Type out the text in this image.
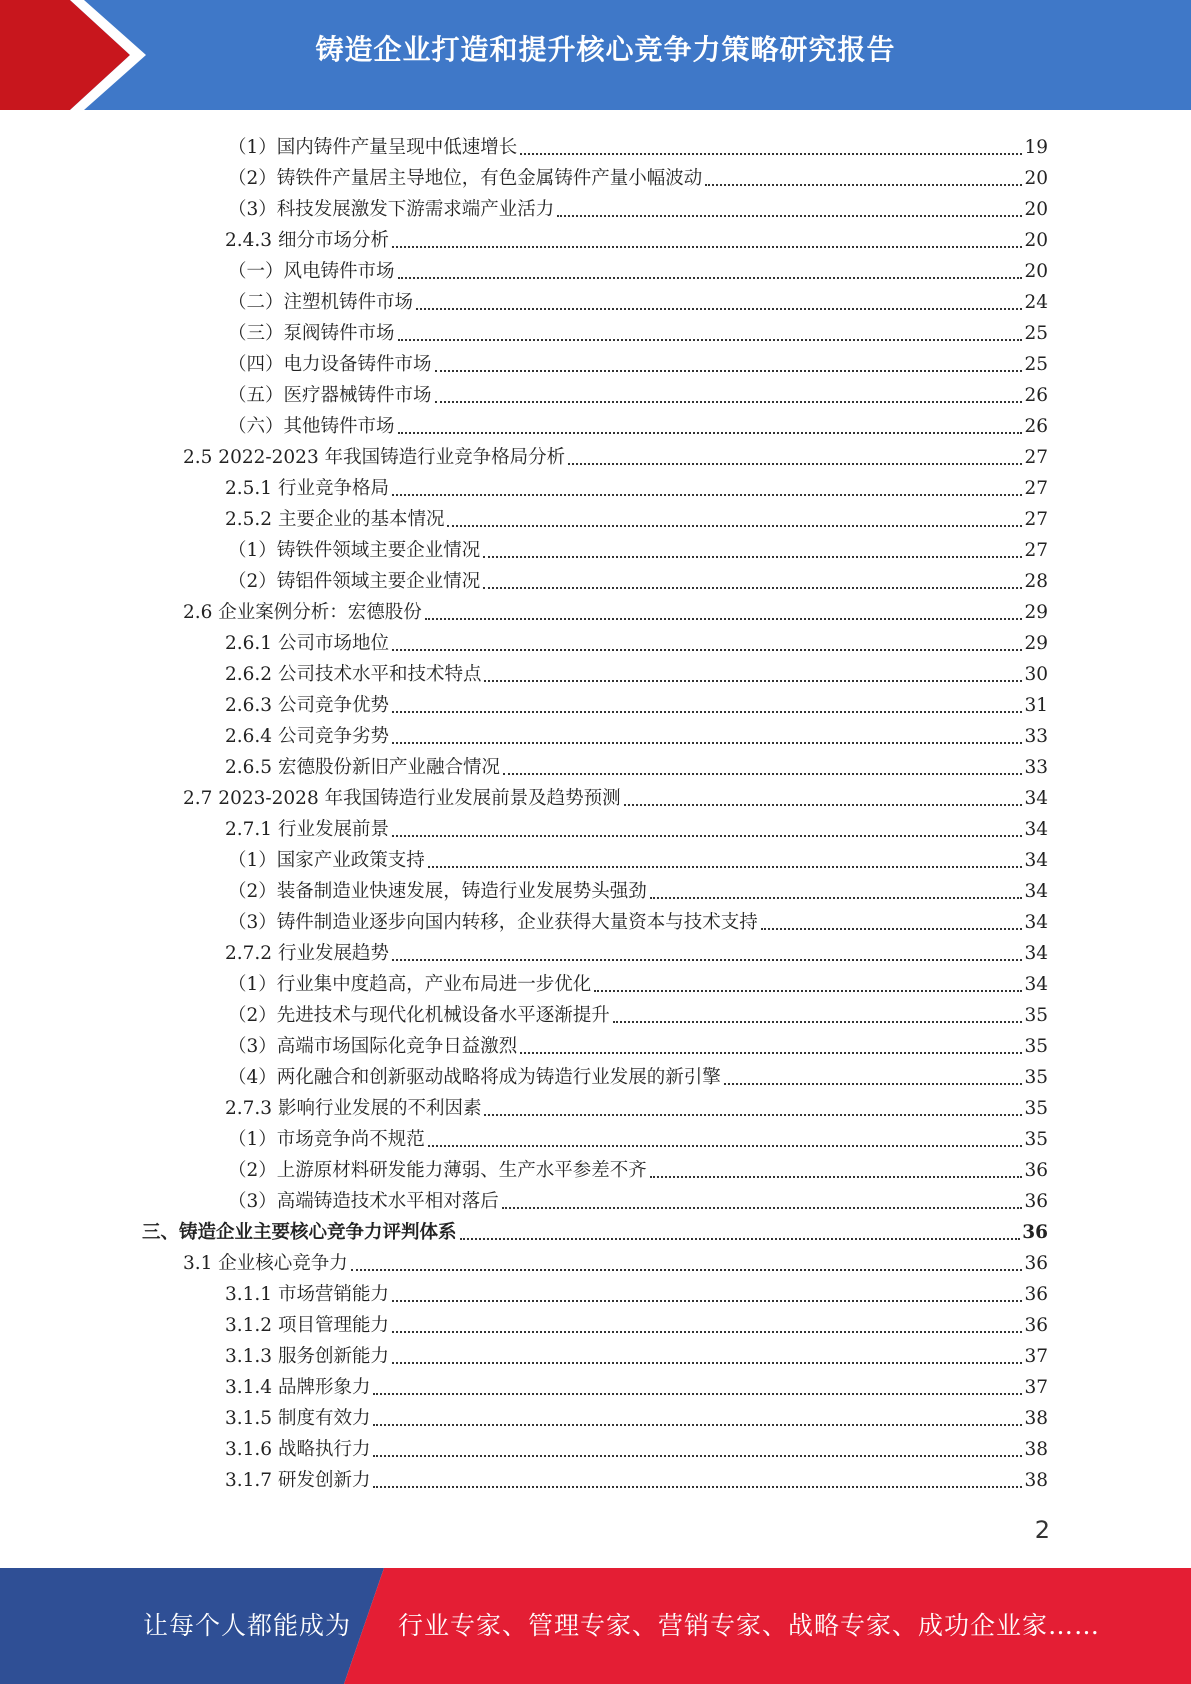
铸造企业打造和提升核心竞争力策略研究报告
（1）国内铸件产量呈现中低速增长	19
（2）铸铁件产量居主导地位，有色金属铸件产量小幅波动	20
（3）科技发展激发下游需求端产业活力	20
2.4.3 细分市场分析	20
（一）风电铸件市场	20
（二）注塑机铸件市场	24
（三）泵阀铸件市场	25
（四）电力设备铸件市场	25
（五）医疗器械铸件市场	26
（六）其他铸件市场	26
2.5 2022-2023 年我国铸造行业竞争格局分析	27
2.5.1 行业竞争格局	27
2.5.2 主要企业的基本情况	27
（1）铸铁件领域主要企业情况	27
（2）铸铝件领域主要企业情况	28
2.6 企业案例分析：宏德股份	29
2.6.1 公司市场地位	29
2.6.2 公司技术水平和技术特点	30
2.6.3 公司竞争优势	31
2.6.4 公司竞争劣势	33
2.6.5 宏德股份新旧产业融合情况	33
2.7 2023-2028 年我国铸造行业发展前景及趋势预测	34
2.7.1 行业发展前景	34
（1）国家产业政策支持	34
（2）装备制造业快速发展，铸造行业发展势头强劲	34
（3）铸件制造业逐步向国内转移，企业获得大量资本与技术支持	34
2.7.2 行业发展趋势	34
（1）行业集中度趋高，产业布局进一步优化	34
（2）先进技术与现代化机械设备水平逐渐提升	35
（3）高端市场国际化竞争日益激烈	35
（4）两化融合和创新驱动战略将成为铸造行业发展的新引擎	35
2.7.3 影响行业发展的不利因素	35
（1）市场竞争尚不规范	35
（2）上游原材料研发能力薄弱、生产水平参差不齐	36
（3）高端铸造技术水平相对落后	36
三、铸造企业主要核心竞争力评判体系	36
3.1 企业核心竞争力	36
3.1.1 市场营销能力	36
3.1.2 项目管理能力	36
3.1.3 服务创新能力	37
3.1.4 品牌形象力	37
3.1.5 制度有效力	38
3.1.6 战略执行力	38
3.1.7 研发创新力	38
2
让每个人都能成为 行业专家、管理专家、营销专家、战略专家、成功企业家……
